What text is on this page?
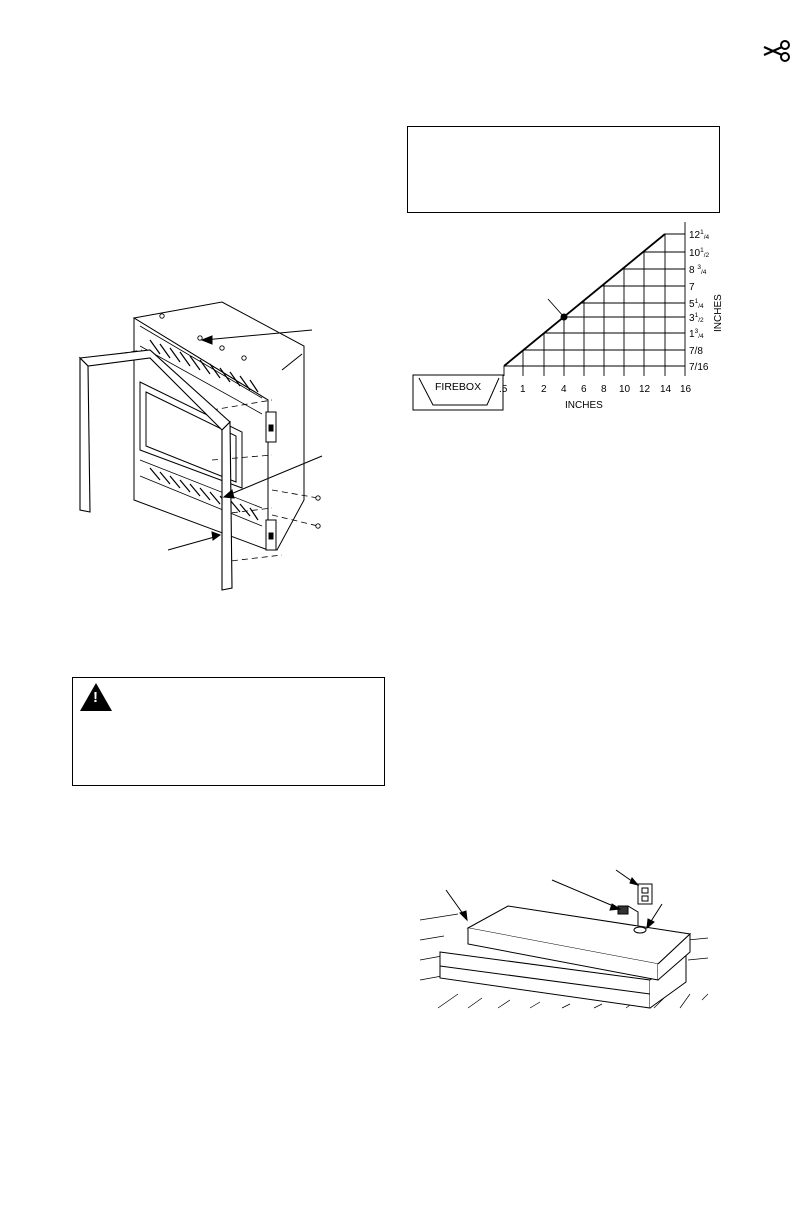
FIREBOX .5 1 2 4 6 8 10 12 14 16
$12^1_{/4}$
$10^1_{/2}$
8 $^3_{/4}$
7
$5^1_{/4}$
$3^1_{/2}$
$1^3_{/4}$
7/8
7/16
INCHES
INCHES
!
